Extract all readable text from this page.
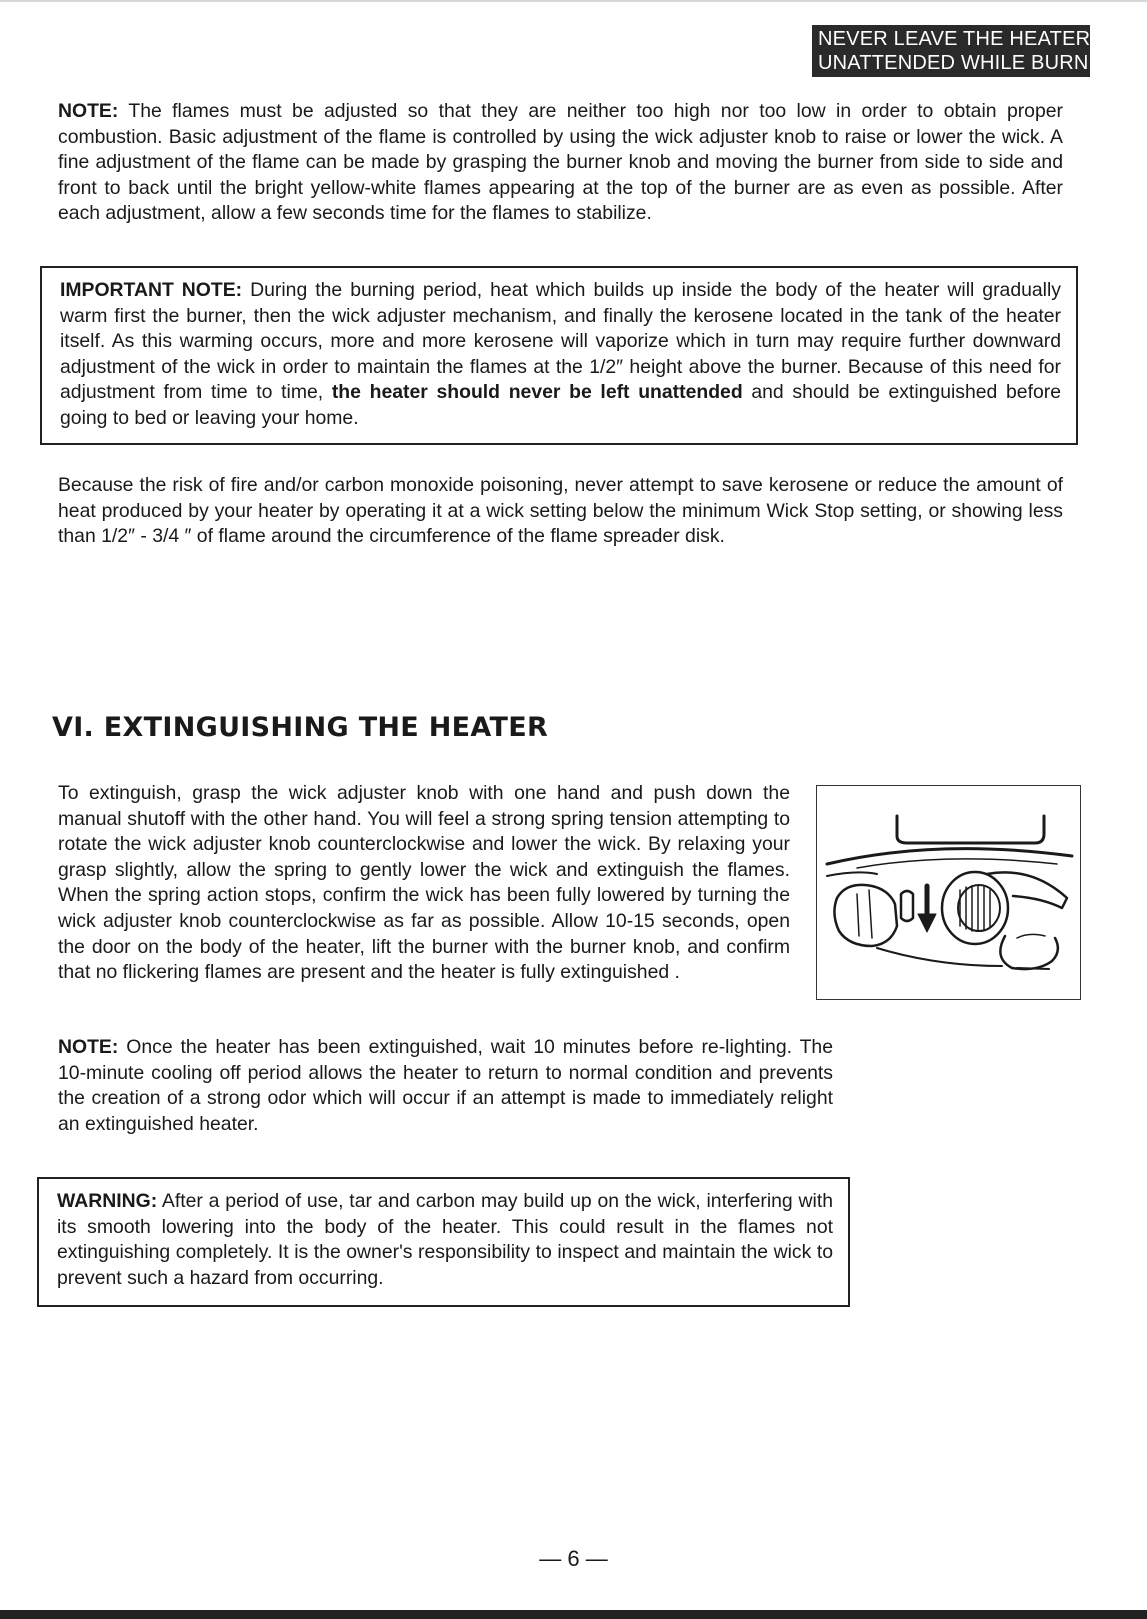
NEVER LEAVE THE HEATER
UNATTENDED WHILE BURNING!

NOTE: The flames must be adjusted so that they are neither too high nor too low in order to obtain proper combustion. Basic adjustment of the flame is controlled by using the wick adjuster knob to raise or lower the wick. A fine adjustment of the flame can be made by grasping the burner knob and moving the burner from side to side and front to back until the bright yellow-white flames appearing at the top of the burner are as even as possible. After each adjustment, allow a few seconds time for the flames to stabilize.

IMPORTANT NOTE: During the burning period, heat which builds up inside the body of the heater will gradually warm first the burner, then the wick adjuster mechanism, and finally the kerosene located in the tank of the heater itself. As this warming occurs, more and more kerosene will vaporize which in turn may require further downward adjustment of the wick in order to maintain the flames at the 1/2″ height above the burner. Because of this need for adjustment from time to time, the heater should never be left unattended and should be extinguished before going to bed or leaving your home.

Because the risk of fire and/or carbon monoxide poisoning, never attempt to save kerosene or reduce the amount of heat produced by your heater by operating it at a wick setting below the minimum Wick Stop setting, or showing less than 1/2″ - 3/4 ″ of flame around the circumference of the flame spreader disk.

VI. EXTINGUISHING THE HEATER

To extinguish, grasp the wick adjuster knob with one hand and push down the manual shutoff with the other hand. You will feel a strong spring tension attempting to rotate the wick adjuster knob counterclockwise and lower the wick. By relaxing your grasp slightly, allow the spring to gently lower the wick and extinguish the flames. When the spring action stops, confirm the wick has been fully lowered by turning the wick adjuster knob counterclockwise as far as possible. Allow 10-15 seconds, open the door on the body of the heater, lift the burner with the burner knob, and confirm that no flickering flames are present and the heater is fully extinguished .

NOTE: Once the heater has been extinguished, wait 10 minutes before re-lighting. The 10-minute cooling off period allows the heater to return to normal condition and prevents the creation of a strong odor which will occur if an attempt is made to immediately relight an extinguished heater.

WARNING: After a period of use, tar and carbon may build up on the wick, interfering with its smooth lowering into the body of the heater. This could result in the flames not extinguishing completely. It is the owner's responsibility to inspect and maintain the wick to prevent such a hazard from occurring.

— 6 —
